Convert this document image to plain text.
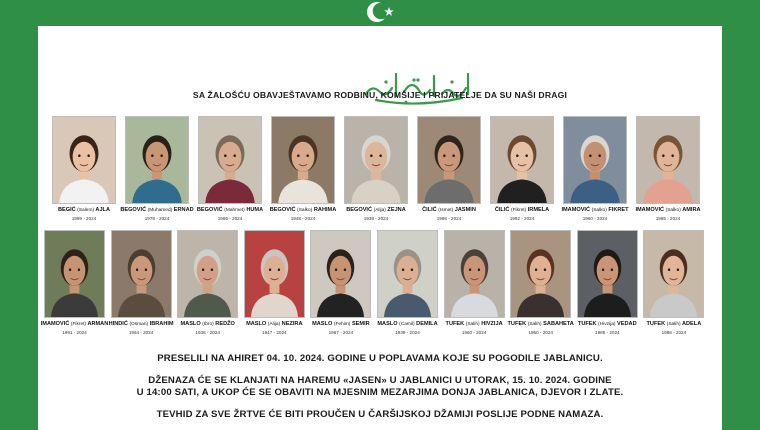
SA ŽALOŠĆU OBAVJEŠTAVAMO RODBINU, KOMŠIJE I PRIJATELJE DA SU NAŠI DRAGI
BEGIĆ (Salem) AJLA
1999 - 2024
BEGOVIĆ (Muhamed) ERNAD
1978 - 2024
BEGOVIĆ (Mahmet) HUMA
1966 - 2024
BEGOVIĆ (Salko) RAHIMA
1948 - 2024
BEGOVIĆ (Alija) ZEJNA
1939 - 2024
ČILIĆ (Ismet) JASMIN
1986 - 2024
ČILIĆ (Fikret) IRMELA
1992 - 2024
IMAMOVIĆ (Salko) FIKRET
1960 - 2024
IMAMOVIĆ (Salko) AMIRA
1965 - 2024
IMAMOVIĆ (Fikret) ARMAN
1991 - 2024
HINDIĆ (Osman) IBRAHIM
1964 - 2024
MASLO (Ibro) REDŽO
1936 - 2024
MASLO (Alija) NEZIRA
1947 - 2024
MASLO (Fehim) SEMIR
1967 - 2024
MASLO (Camil) DEMILA
1939 - 2024
TUFEK (Salih) HIVZIJA
1960 - 2024
TUFEK (Salih) SABAHETA
1960 - 2024
TUFEK (Hivzija) VEDAD
1985 - 2024
TUFEK (Salih) ADELA
1988 - 2024
PRESELILI NA AHIRET 04. 10. 2024. GODINE U POPLAVAMA KOJE SU POGODILE JABLANICU.
DŽENAZA ĆE SE KLANJATI NA HAREMU «JASEN» U JABLANICI U UTORAK, 15. 10. 2024. GODINE
U 14:00 SATI, A UKOP ĆE SE OBAVITI NA MJESNIM MEZARJIMA DONJA JABLANICA, DJEVOR I ZLATE.
TEVHID ZA SVE ŽRTVE ĆE BITI PROUČEN U ČARŠIJSKOJ DŽAMIJI POSLIJE PODNE NAMAZA.
